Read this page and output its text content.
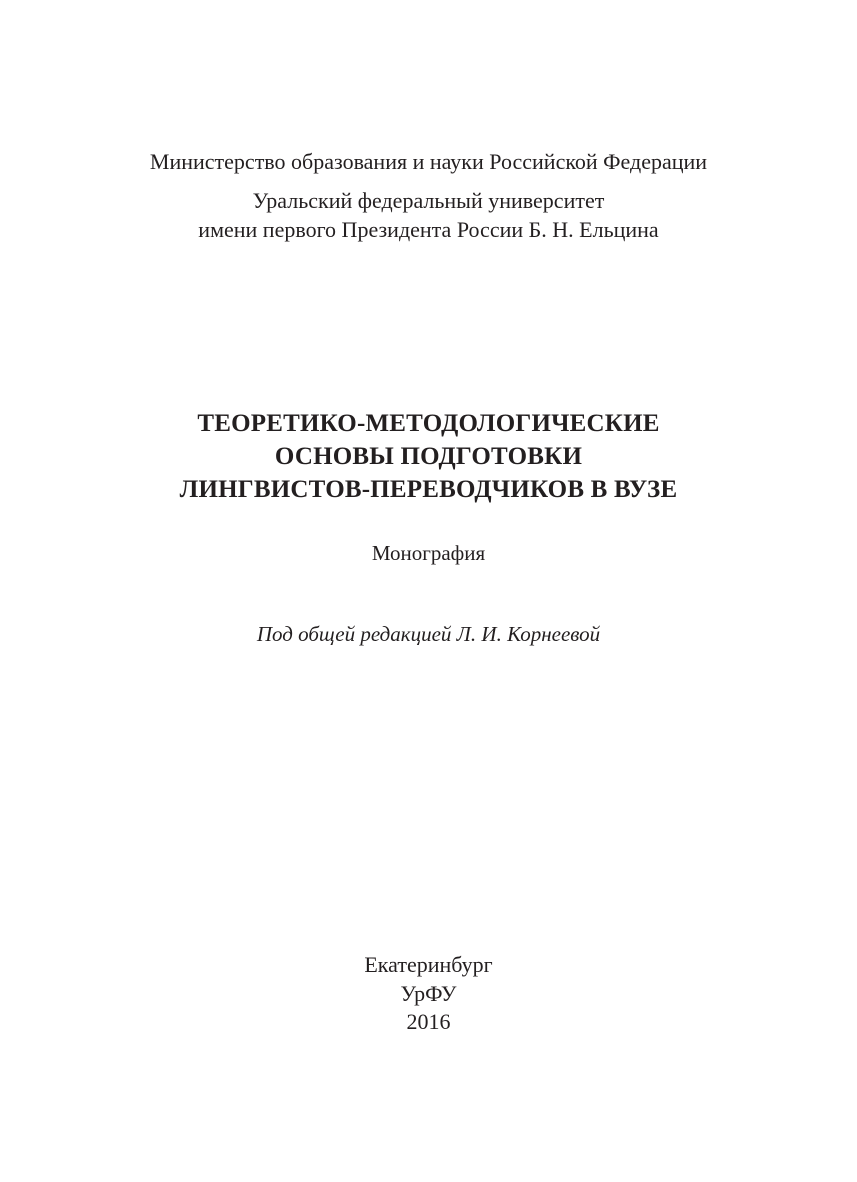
Министерство образования и науки Российской Федерации

Уральский федеральный университет

имени первого Президента России Б. Н. Ельцина

ТЕОРЕТИКО-МЕТОДОЛОГИЧЕСКИЕ

ОСНОВЫ ПОДГОТОВКИ

ЛИНГВИСТОВ-ПЕРЕВОДЧИКОВ В ВУЗЕ

Монография

Под общей редакцией Л. И. Корнеевой

Екатеринбург

УрФУ

2016
